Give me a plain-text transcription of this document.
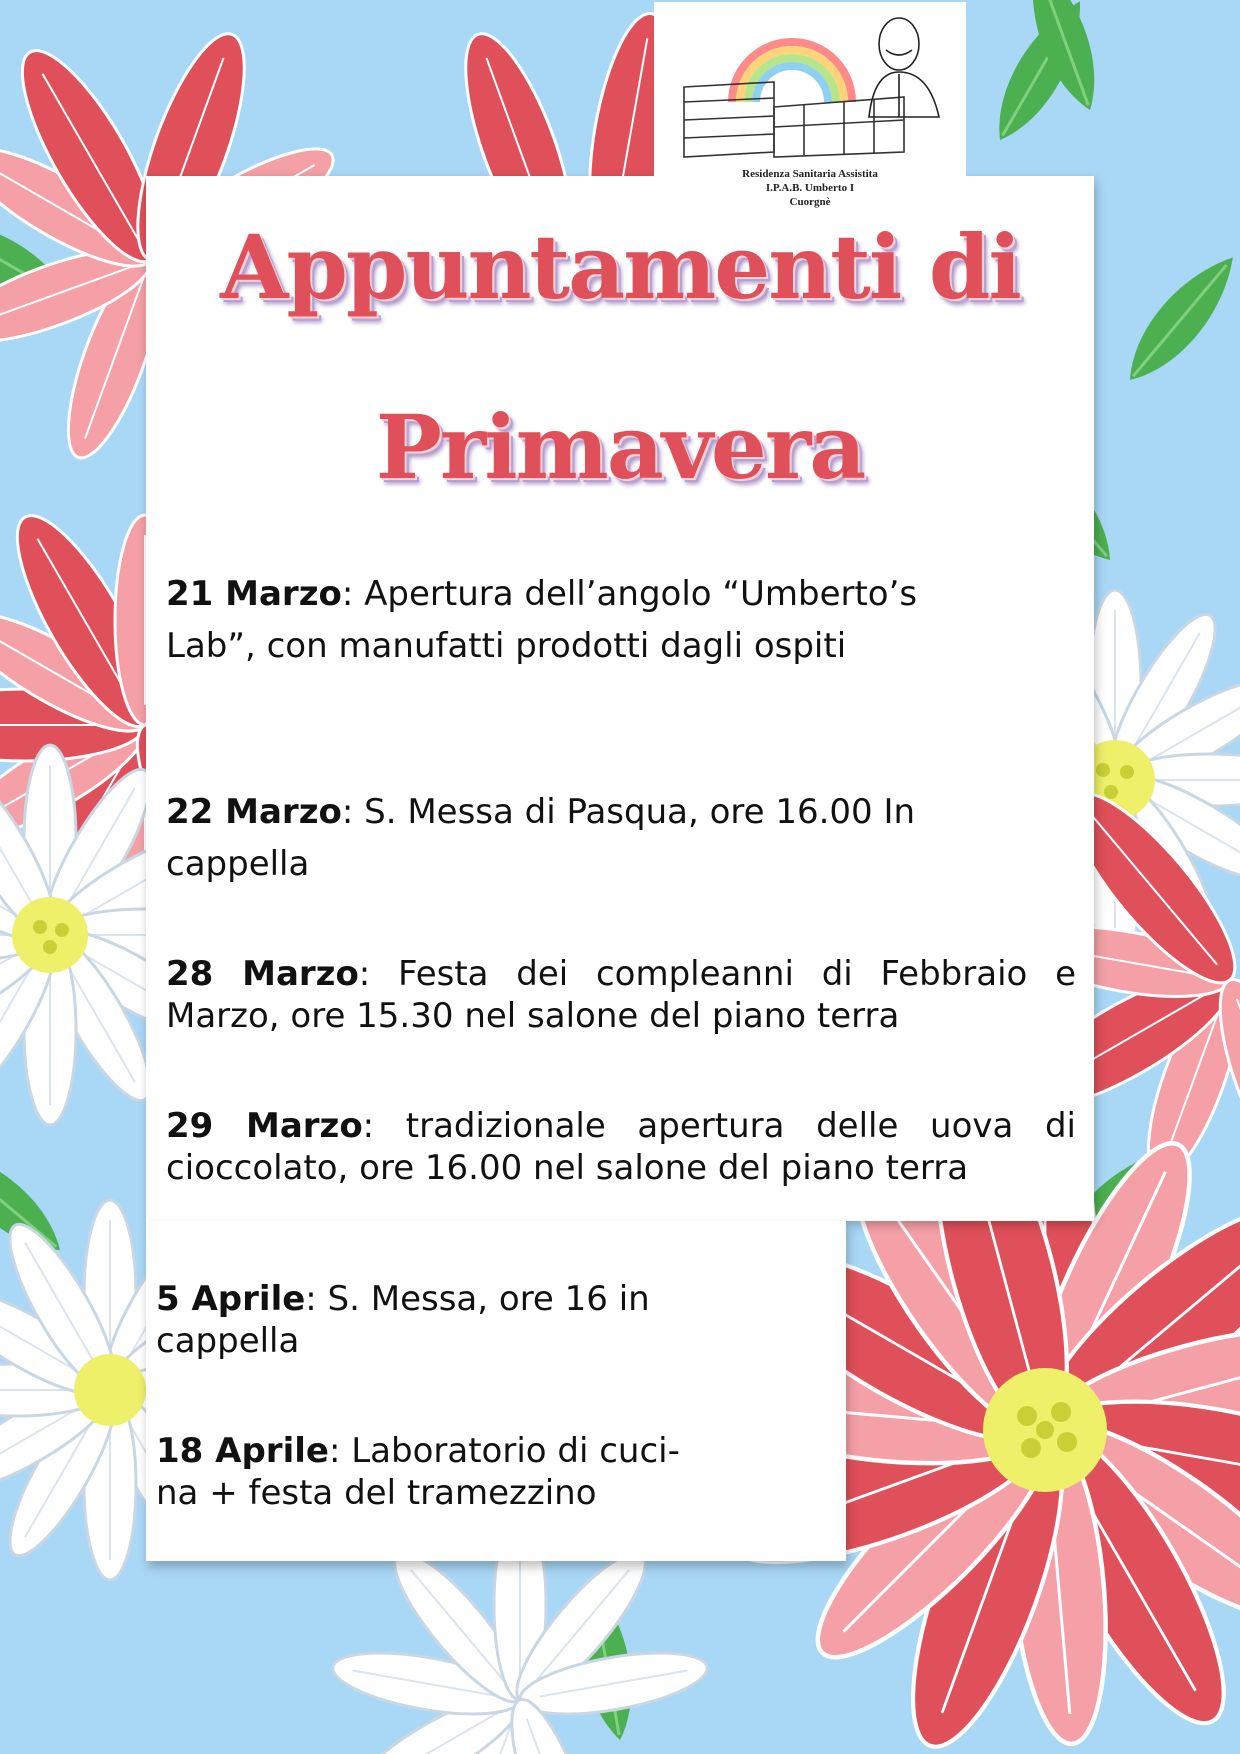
Residenza Sanitaria Assistita
I.P.A.B. Umberto I
Cuorgnè
Appuntamenti di
Primavera
21 Marzo: Apertura dell’angolo “Umberto’s Lab”, con manufatti prodotti dagli ospiti
22 Marzo: S. Messa di Pasqua, ore 16.00 In cappella
28 Marzo: Festa dei compleanni di Febbraio e Marzo, ore 15.30 nel salone del piano terra
29 Marzo: tradizionale apertura delle uova di cioccolato, ore 16.00 nel salone del piano terra
5 Aprile: S. Messa, ore 16 in cappella
18 Aprile: Laboratorio di cuci-na + festa del tramezzino
